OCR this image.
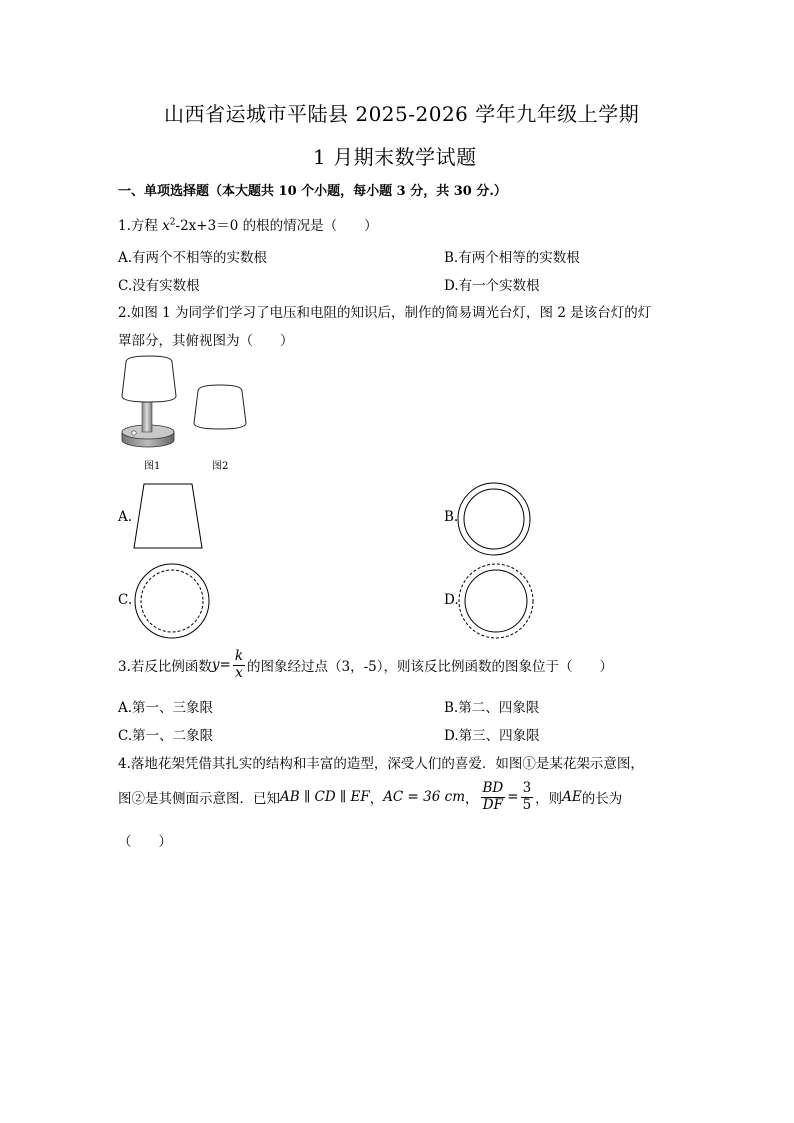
山西省运城市平陆县 2025-2026 学年九年级上学期
1 月期末数学试题
一、单项选择题（本大题共 10 个小题，每小题 3 分，共 30 分.）
1.方程 $x^2-2x+3=0$ 的根的情况是（　　）
A.有两个不相等的实数根	B.有两个相等的实数根
C.没有实数根	D.有一个实数根
2.如图 1 为同学们学习了电压和电阻的知识后，制作的简易调光台灯，图 2 是该台灯的灯
罩部分，其俯视图为（　　）
图1	图2
A.	B.
C.	D.
3.若反比例函数 $y = \frac{k}{x}$ 的图象经过点（3，-5），则该反比例函数的图象位于（　　）
A.第一、三象限	B.第二、四象限
C.第一、二象限	D.第三、四象限
4.落地花架凭借其扎实的结构和丰富的造型，深受人们的喜爱．如图①是某花架示意图，
图②是其侧面示意图．已知 AB ∥ CD ∥ EF ， AC = 36 cm ， $\frac{BD}{DF} = \frac{3}{5}$ ，则 AE 的长为
（　　）
